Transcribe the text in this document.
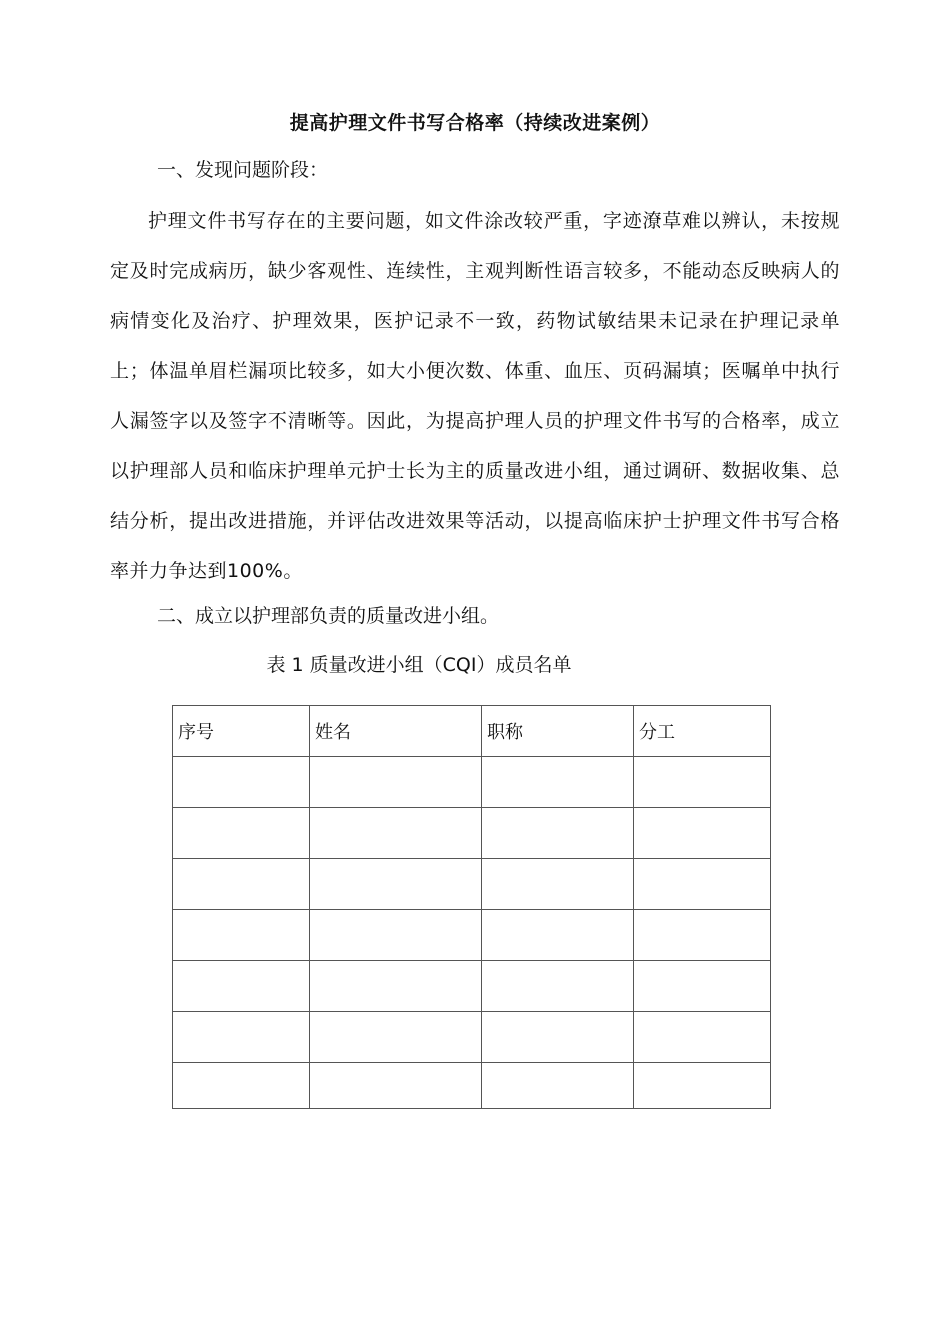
提高护理文件书写合格率（持续改进案例）
一、发现问题阶段：
护理文件书写存在的主要问题，如文件涂改较严重，字迹潦草难以辨认，未按规定及时完成病历，缺少客观性、连续性，主观判断性语言较多，不能动态反映病人的病情变化及治疗、护理效果，医护记录不一致，药物试敏结果未记录在护理记录单上；体温单眉栏漏项比较多，如大小便次数、体重、血压、页码漏填；医嘱单中执行人漏签字以及签字不清晰等。因此，为提高护理人员的护理文件书写的合格率，成立以护理部人员和临床护理单元护士长为主的质量改进小组，通过调研、数据收集、总结分析，提出改进措施，并评估改进效果等活动，以提高临床护士护理文件书写合格率并力争达到100%。
二、成立以护理部负责的质量改进小组。
表 1 质量改进小组（CQI）成员名单
序号	姓名	职称	分工
